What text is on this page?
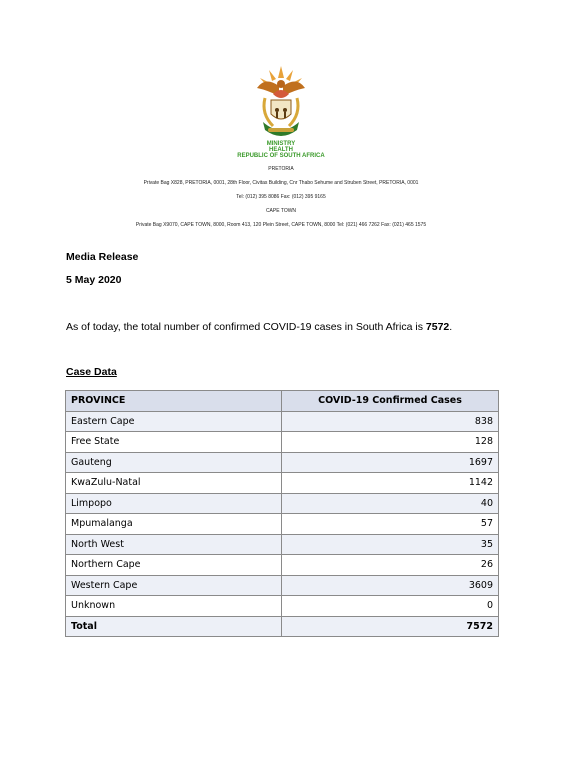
MINISTRY
HEALTH
REPUBLIC OF SOUTH AFRICA
PRETORIA
Private Bag X828, PRETORIA, 0001, 28th Floor, Civitas Building, Cnr Thabo Sehume and Struben Street, PRETORIA, 0001
Tel: (012) 395 8086 Fax: (012) 395 9165
CAPE TOWN
Private Bag X9070, CAPE TOWN, 8000, Room 413, 120 Plein Street, CAPE TOWN, 8000 Tel: (021) 466 7262 Fax: (021) 465 1575
Media Release
5 May 2020
As of today, the total number of confirmed COVID-19 cases in South Africa is 7572.
Case Data
PROVINCE	COVID-19 Confirmed Cases
Eastern Cape	838
Free State	128
Gauteng	1697
KwaZulu-Natal	1142
Limpopo	40
Mpumalanga	57
North West	35
Northern Cape	26
Western Cape	3609
Unknown	0
Total	7572
